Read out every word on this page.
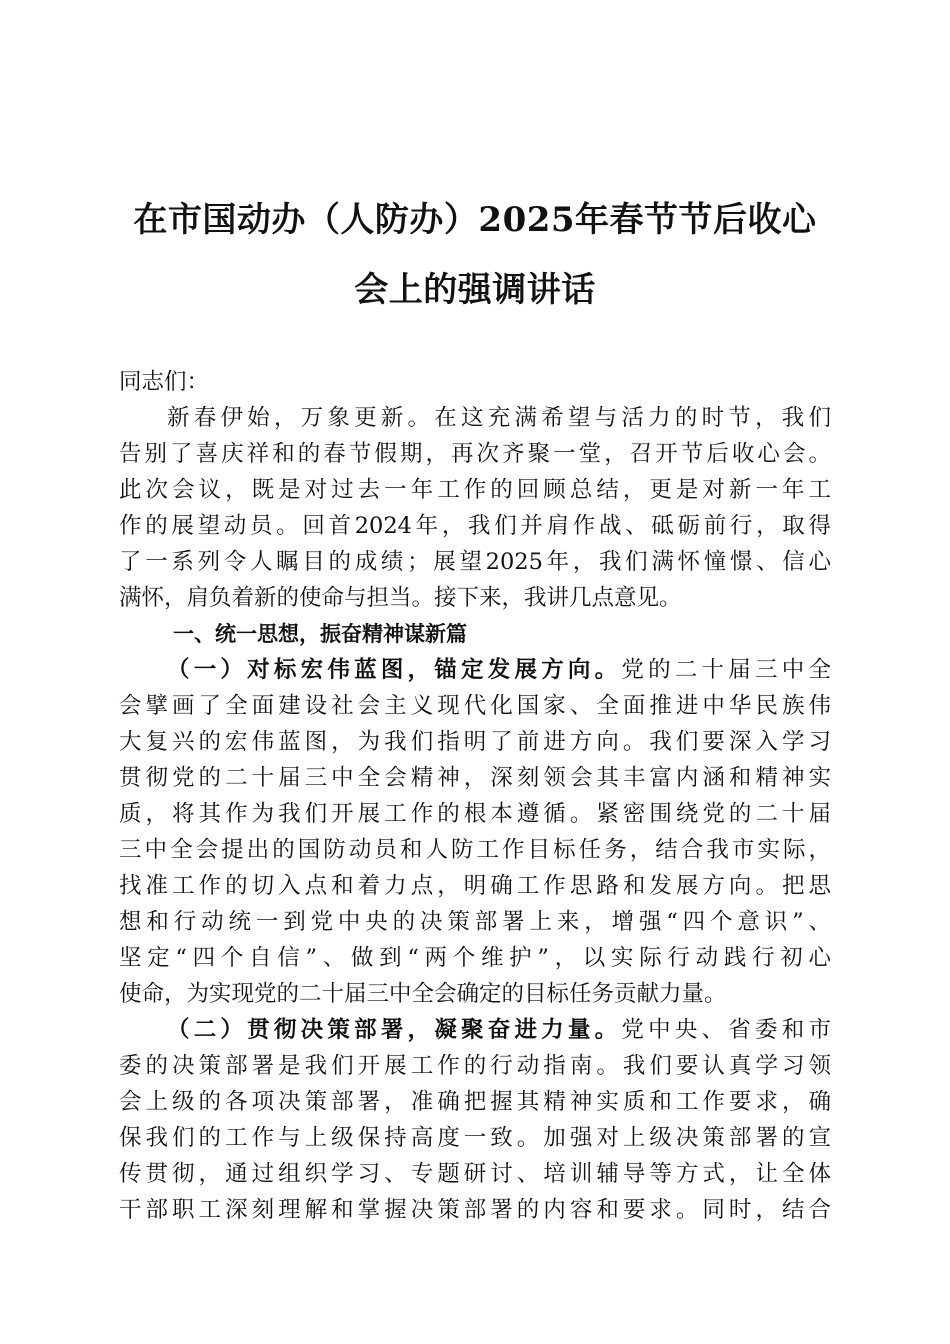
在市国动办（人防办）2025年春节节后收心
会上的强调讲话
同志们：
新春伊始，万象更新。在这充满希望与活力的时节，我们
告别了喜庆祥和的春节假期，再次齐聚一堂，召开节后收心会。
此次会议，既是对过去一年工作的回顾总结，更是对新一年工
作的展望动员。回首2024年，我们并肩作战、砥砺前行，取得
了一系列令人瞩目的成绩；展望2025年，我们满怀憧憬、信心
满怀，肩负着新的使命与担当。接下来，我讲几点意见。
一、统一思想，振奋精神谋新篇
（一）对标宏伟蓝图，锚定发展方向。党的二十届三中全
会擘画了全面建设社会主义现代化国家、全面推进中华民族伟
大复兴的宏伟蓝图，为我们指明了前进方向。我们要深入学习
贯彻党的二十届三中全会精神，深刻领会其丰富内涵和精神实
质，将其作为我们开展工作的根本遵循。紧密围绕党的二十届
三中全会提出的国防动员和人防工作目标任务，结合我市实际，
找准工作的切入点和着力点，明确工作思路和发展方向。把思
想和行动统一到党中央的决策部署上来，增强“四个意识”、
坚定“四个自信”、做到“两个维护”，以实际行动践行初心
使命，为实现党的二十届三中全会确定的目标任务贡献力量。
（二）贯彻决策部署，凝聚奋进力量。党中央、省委和市
委的决策部署是我们开展工作的行动指南。我们要认真学习领
会上级的各项决策部署，准确把握其精神实质和工作要求，确
保我们的工作与上级保持高度一致。加强对上级决策部署的宣
传贯彻，通过组织学习、专题研讨、培训辅导等方式，让全体
干部职工深刻理解和掌握决策部署的内容和要求。同时，结合
